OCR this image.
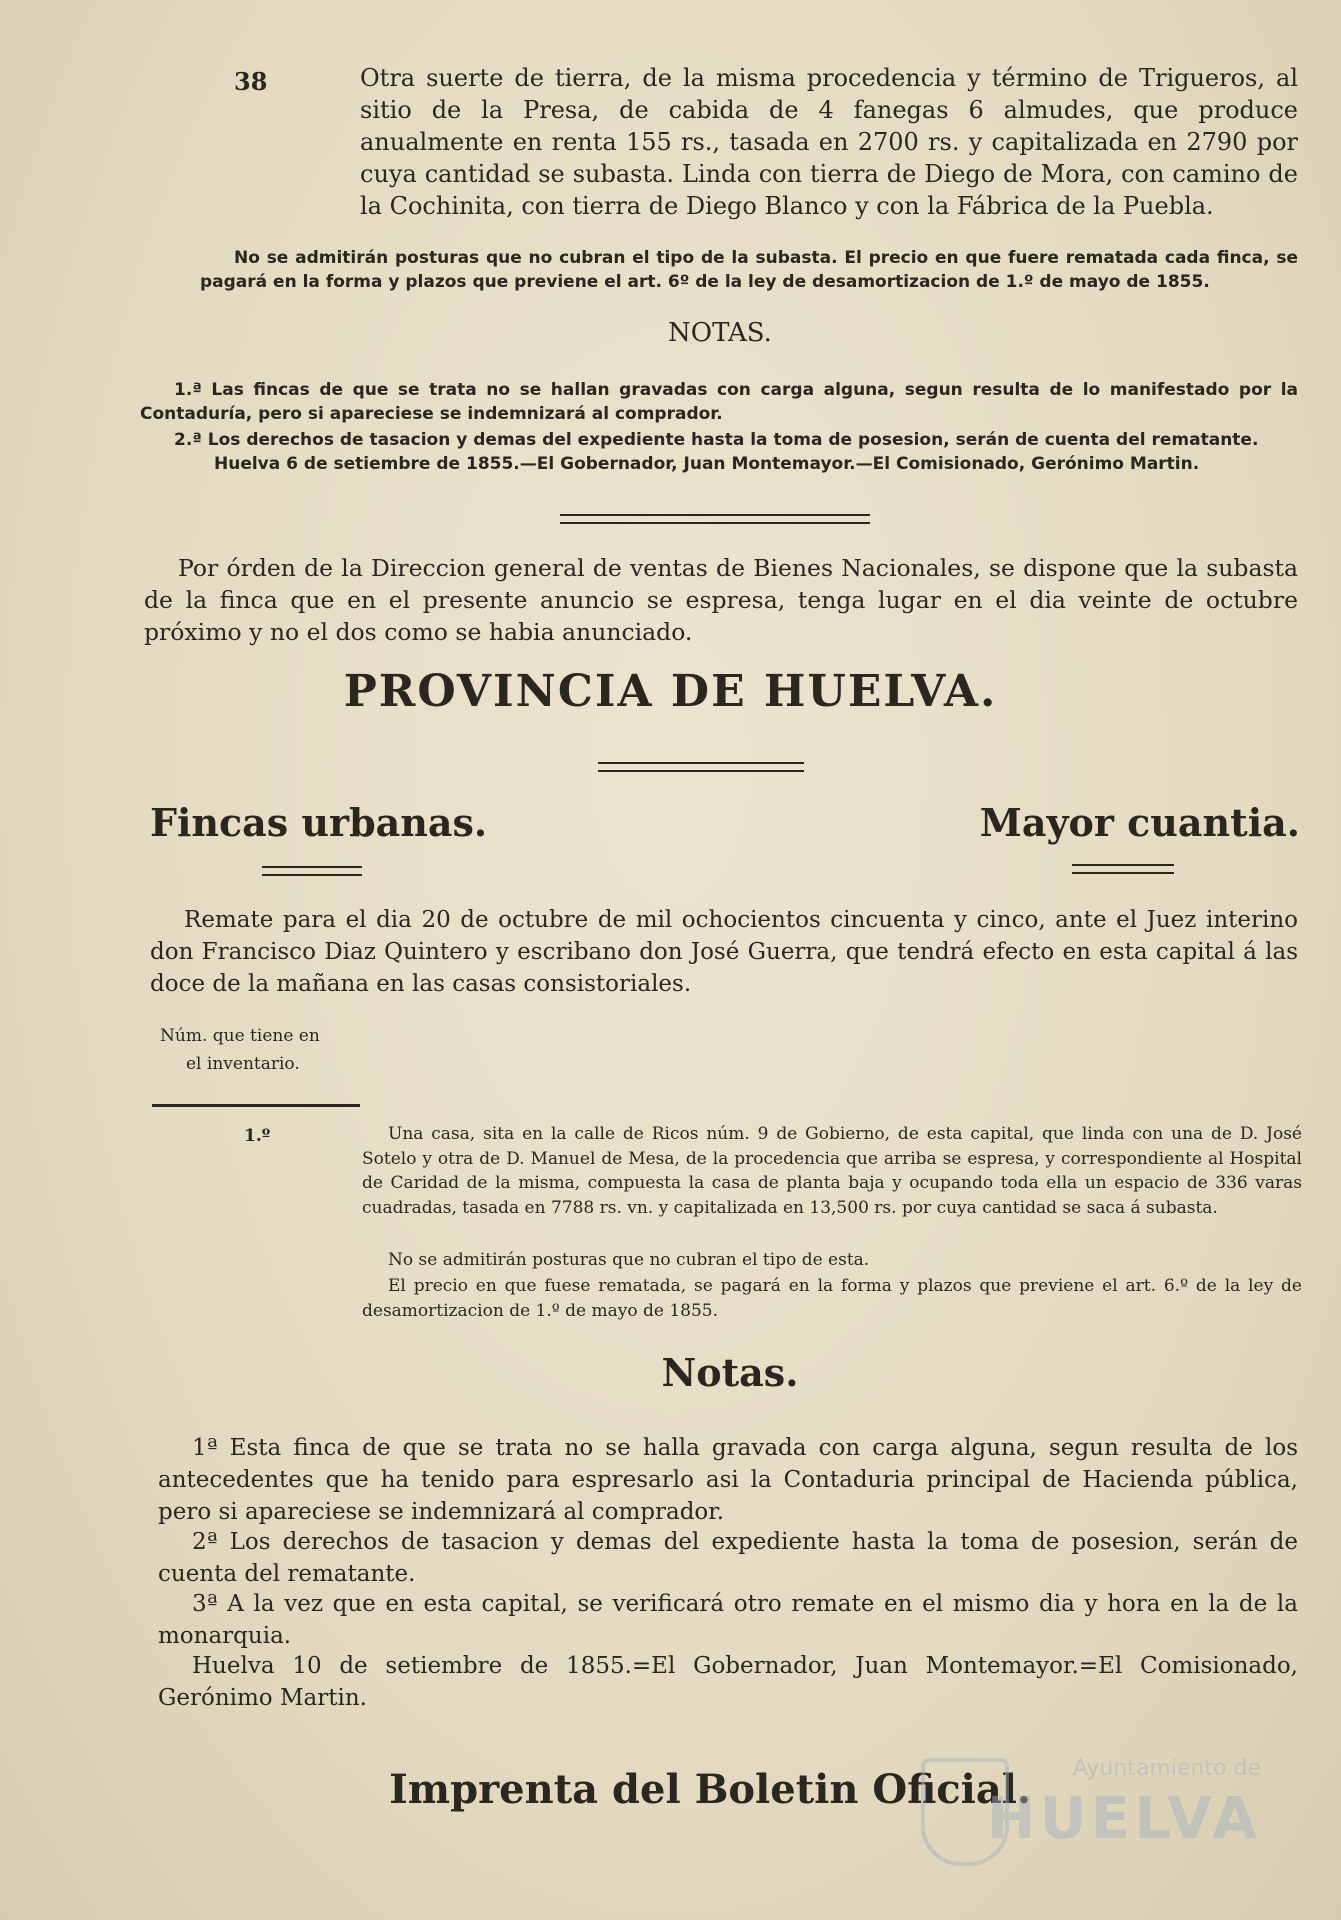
38	Otra suerte de tierra, de la misma procedencia y término de Trigueros, al sitio de la Presa, de cabida de 4 fanegas 6 almudes, que produce anualmente en renta 155 rs., tasada en 2700 rs. y capitalizada en 2790 por cuya cantidad se subasta. Linda con tierra de Diego de Mora, con camino de la Cochinita, con tierra de Diego Blanco y con la Fábrica de la Puebla.
No se admitirán posturas que no cubran el tipo de la subasta. El precio en que fuere rematada cada finca, se pagará en la forma y plazos que previene el art. 6º de la ley de desamortizacion de 1.º de mayo de 1855.
NOTAS.
1.ª Las fincas de que se trata no se hallan gravadas con carga alguna, segun resulta de lo manifestado por la Contaduría, pero si apareciese se indemnizará al comprador.
2.ª Los derechos de tasacion y demas del expediente hasta la toma de posesion, serán de cuenta del rematante.
Huelva 6 de setiembre de 1855.—El Gobernador, Juan Montemayor.—El Comisionado, Gerónimo Martin.
Por órden de la Direccion general de ventas de Bienes Nacionales, se dispone que la subasta de la finca que en el presente anuncio se espresa, tenga lugar en el dia veinte de octubre próximo y no el dos como se habia anunciado.
PROVINCIA DE HUELVA.
Fincas urbanas.	Mayor cuantia.
Remate para el dia 20 de octubre de mil ochocientos cincuenta y cinco, ante el Juez interino don Francisco Diaz Quintero y escribano don José Guerra, que tendrá efecto en esta capital á las doce de la mañana en las casas consistoriales.
Núm. que tiene en
el inventario.
1.º	Una casa, sita en la calle de Ricos núm. 9 de Gobierno, de esta capital, que linda con una de D. José Sotelo y otra de D. Manuel de Mesa, de la procedencia que arriba se espresa, y correspondiente al Hospital de Caridad de la misma, compuesta la casa de planta baja y ocupando toda ella un espacio de 336 varas cuadradas, tasada en 7788 rs. vn. y capitalizada en 13,500 rs. por cuya cantidad se saca á subasta.
No se admitirán posturas que no cubran el tipo de esta.
El precio en que fuese rematada, se pagará en la forma y plazos que previene el art. 6.º de la ley de desamortizacion de 1.º de mayo de 1855.
Notas.
1ª Esta finca de que se trata no se halla gravada con carga alguna, segun resulta de los antecedentes que ha tenido para espresarlo asi la Contaduria principal de Hacienda pública, pero si apareciese se indemnizará al comprador.
2ª Los derechos de tasacion y demas del expediente hasta la toma de posesion, serán de cuenta del rematante.
3ª A la vez que en esta capital, se verificará otro remate en el mismo dia y hora en la de la monarquia.
Huelva 10 de setiembre de 1855.=El Gobernador, Juan Montemayor.=El Comisionado, Gerónimo Martin.
Imprenta del Boletin Oficial.	Ayuntamiento de
HUELVA
